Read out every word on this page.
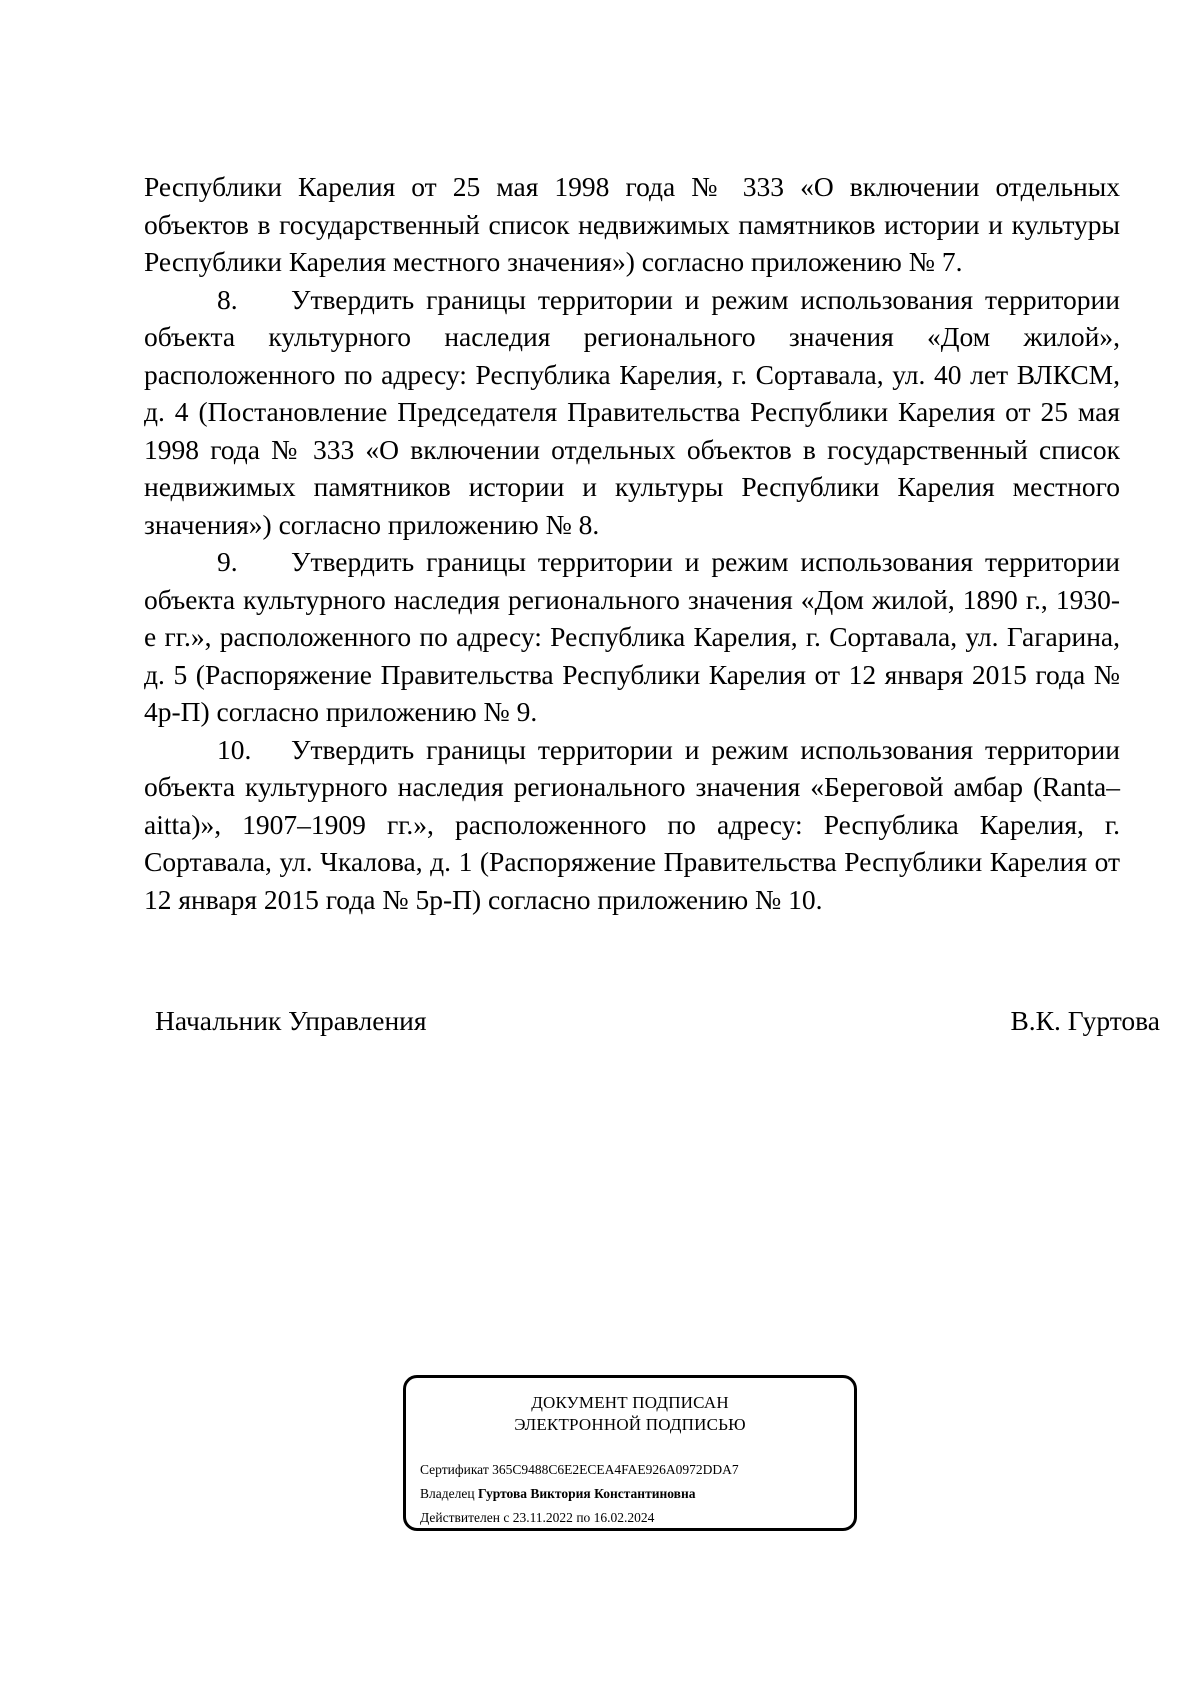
Республики Карелия от 25 мая 1998 года № 333 «О включении отдельных объектов в государственный список недвижимых памятников истории и культуры Республики Карелия местного значения») согласно приложению № 7.

8. Утвердить границы территории и режим использования территории объекта культурного наследия регионального значения «Дом жилой», расположенного по адресу: Республика Карелия, г. Сортавала, ул. 40 лет ВЛКСМ, д. 4 (Постановление Председателя Правительства Республики Карелия от 25 мая 1998 года № 333 «О включении отдельных объектов в государственный список недвижимых памятников истории и культуры Республики Карелия местного значения») согласно приложению № 8.

9. Утвердить границы территории и режим использования территории объекта культурного наследия регионального значения «Дом жилой, 1890 г., 1930-е гг.», расположенного по адресу: Республика Карелия, г. Сортавала, ул. Гагарина, д. 5 (Распоряжение Правительства Республики Карелия от 12 января 2015 года № 4р-П) согласно приложению № 9.

10. Утвердить границы территории и режим использования территории объекта культурного наследия регионального значения «Береговой амбар (Ranta–aitta)», 1907–1909 гг.», расположенного по адресу: Республика Карелия, г. Сортавала, ул. Чкалова, д. 1 (Распоряжение Правительства Республики Карелия от 12 января 2015 года № 5р-П) согласно приложению № 10.

Начальник Управления	В.К. Гуртова
ДОКУМЕНТ ПОДПИСАН
ЭЛЕКТРОННОЙ ПОДПИСЬЮ
Сертификат 365C9488C6E2ECEA4FAE926A0972DDA7
Владелец Гуртова Виктория Константиновна
Действителен с 23.11.2022 по 16.02.2024
